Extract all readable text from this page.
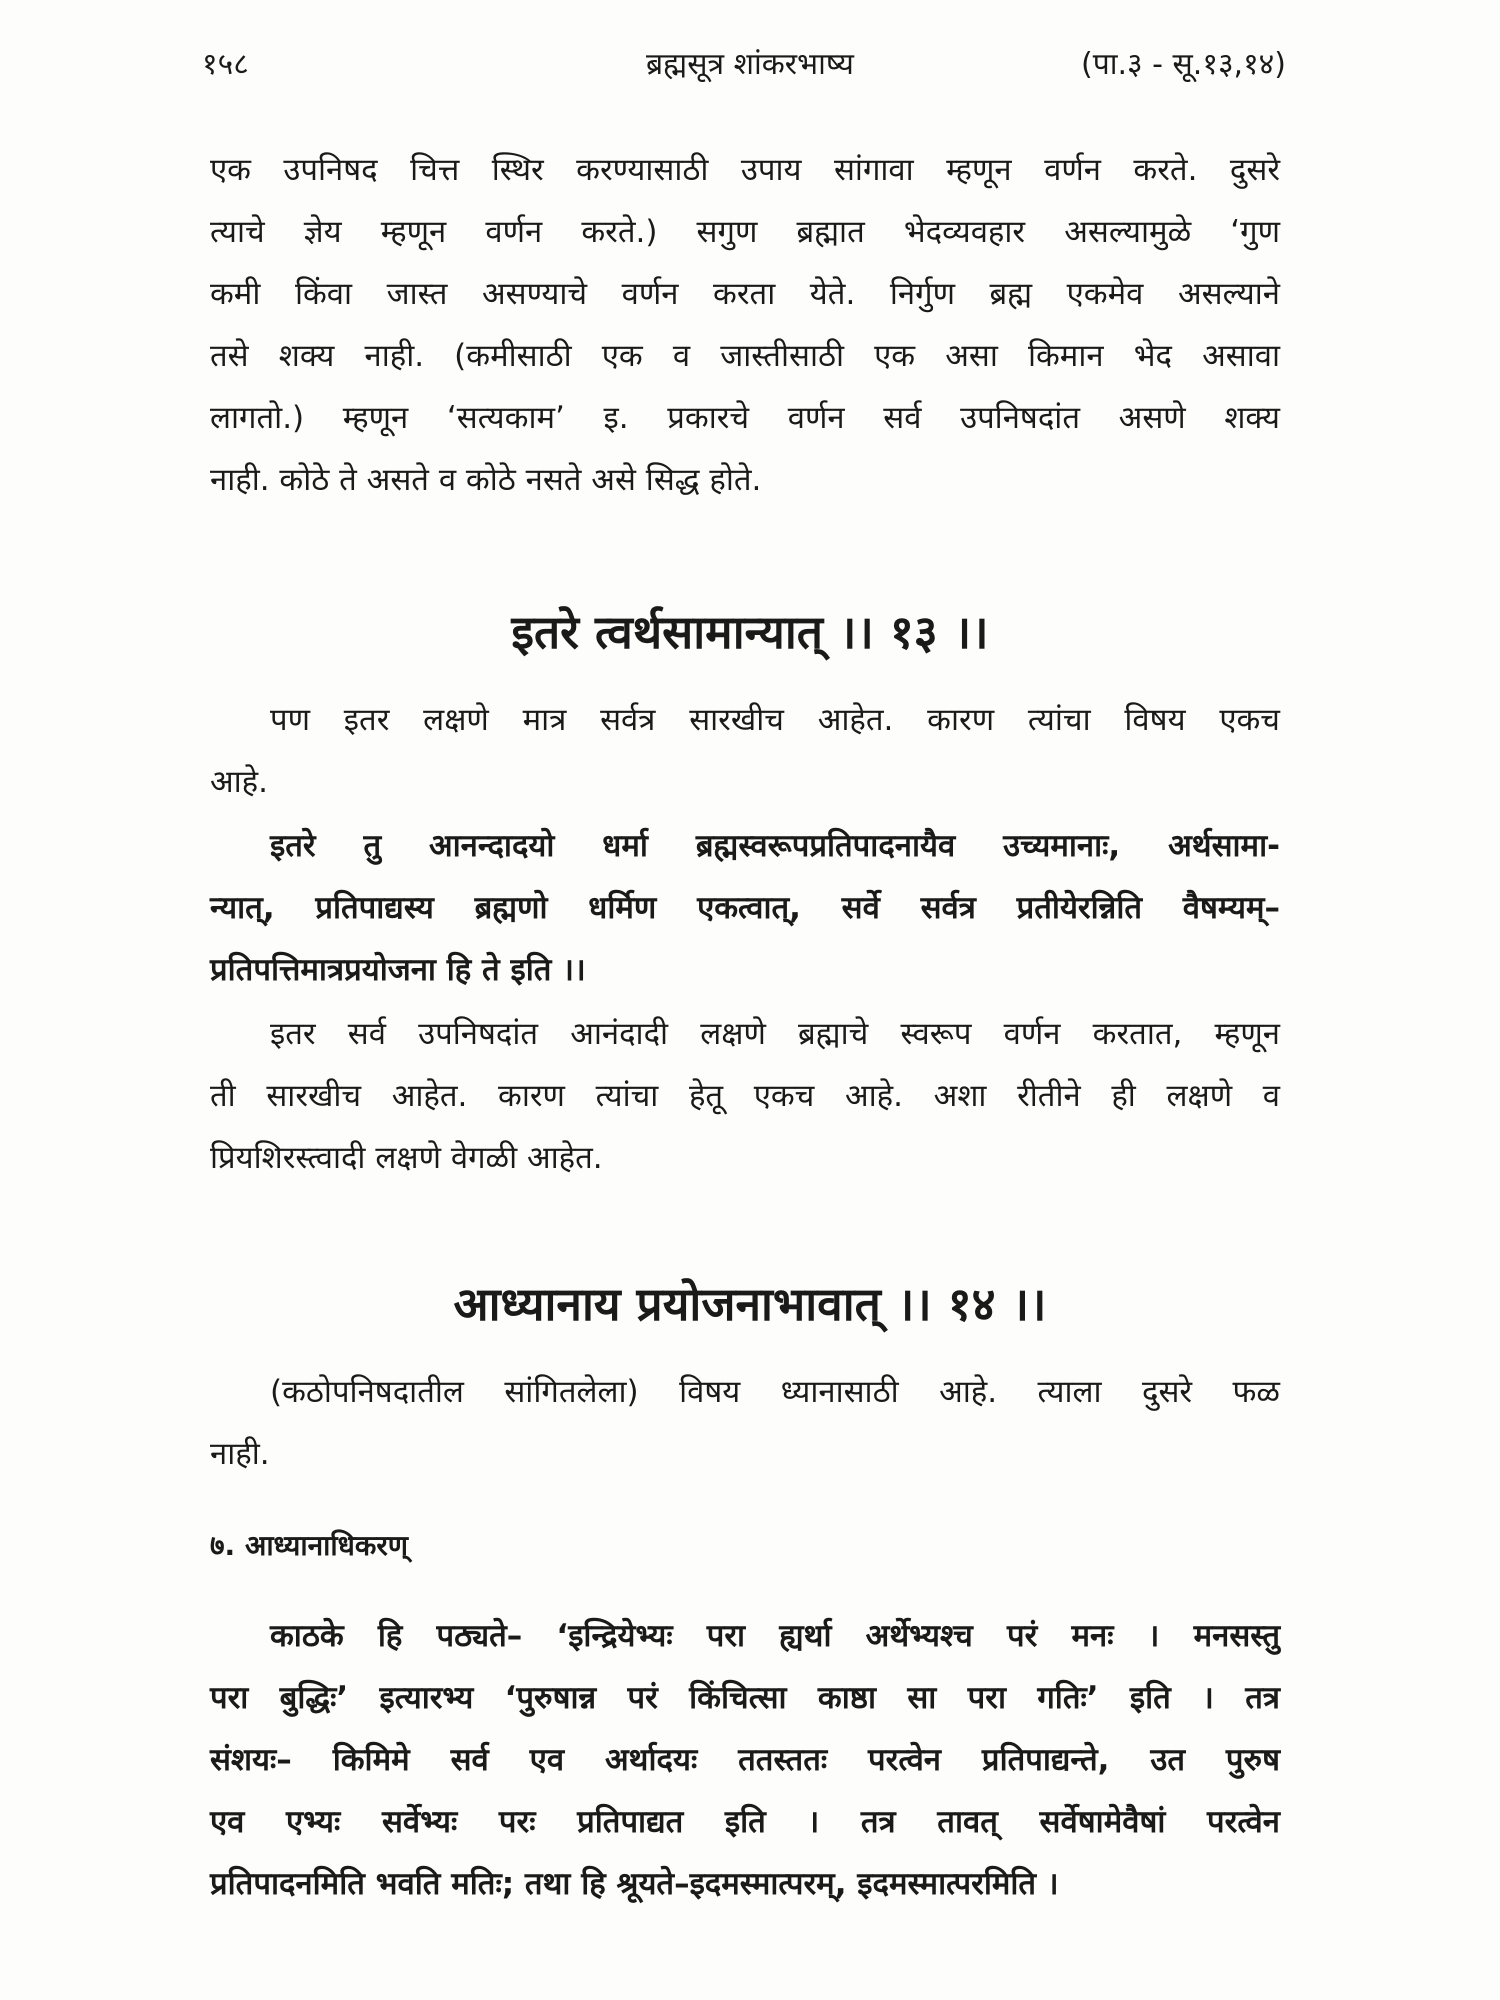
ब्रह्मसूत्र शांकरभाष्य
१५८	(पा.३ - सू.१३,१४)
एक उपनिषद चित्त स्थिर करण्यासाठी उपाय सांगावा म्हणून वर्णन करते. दुसरे
त्याचे ज्ञेय म्हणून वर्णन करते.) सगुण ब्रह्मात भेदव्यवहार असल्यामुळे ‘गुण
कमी किंवा जास्त असण्याचे वर्णन करता येते. निर्गुण ब्रह्म एकमेव असल्याने
तसे शक्य नाही. (कमीसाठी एक व जास्तीसाठी एक असा किमान भेद असावा
लागतो.) म्हणून ‘सत्यकाम’ इ. प्रकारचे वर्णन सर्व उपनिषदांत असणे शक्य
नाही. कोठे ते असते व कोठे नसते असे सिद्ध होते.
इतरे त्वर्थसामान्यात् ।। १३ ।।
पण इतर लक्षणे मात्र सर्वत्र सारखीच आहेत. कारण त्यांचा विषय एकच
आहे.
इतरे तु आनन्दादयो धर्मा ब्रह्मस्वरूपप्रतिपादनायैव उच्यमानाः, अर्थसामा-
न्यात्, प्रतिपाद्यस्य ब्रह्मणो धर्मिण एकत्वात्, सर्वे सर्वत्र प्रतीयेरन्निति वैषम्यम्–
प्रतिपत्तिमात्रप्रयोजना हि ते इति ।।
इतर सर्व उपनिषदांत आनंदादी लक्षणे ब्रह्माचे स्वरूप वर्णन करतात, म्हणून
ती सारखीच आहेत. कारण त्यांचा हेतू एकच आहे. अशा रीतीने ही लक्षणे व
प्रियशिरस्त्वादी लक्षणे वेगळी आहेत.
आध्यानाय प्रयोजनाभावात् ।। १४ ।।
(कठोपनिषदातील सांगितलेला) विषय ध्यानासाठी आहे. त्याला दुसरे फळ
नाही.
७. आध्यानाधिकरण्
काठके हि पठ्यते– ‘इन्द्रियेभ्यः परा ह्यर्था अर्थेभ्यश्च परं मनः । मनसस्तु
परा बुद्धिः’ इत्यारभ्य ‘पुरुषान्न परं किंचित्सा काष्ठा सा परा गतिः’ इति । तत्र
संशयः– किमिमे सर्व एव अर्थादयः ततस्ततः परत्वेन प्रतिपाद्यन्ते, उत पुरुष
एव एभ्यः सर्वेभ्यः परः प्रतिपाद्यत इति । तत्र तावत् सर्वेषामेवैषां परत्वेन
प्रतिपादनमिति भवति मतिः; तथा हि श्रूयते–इदमस्मात्परम्, इदमस्मात्परमिति ।
